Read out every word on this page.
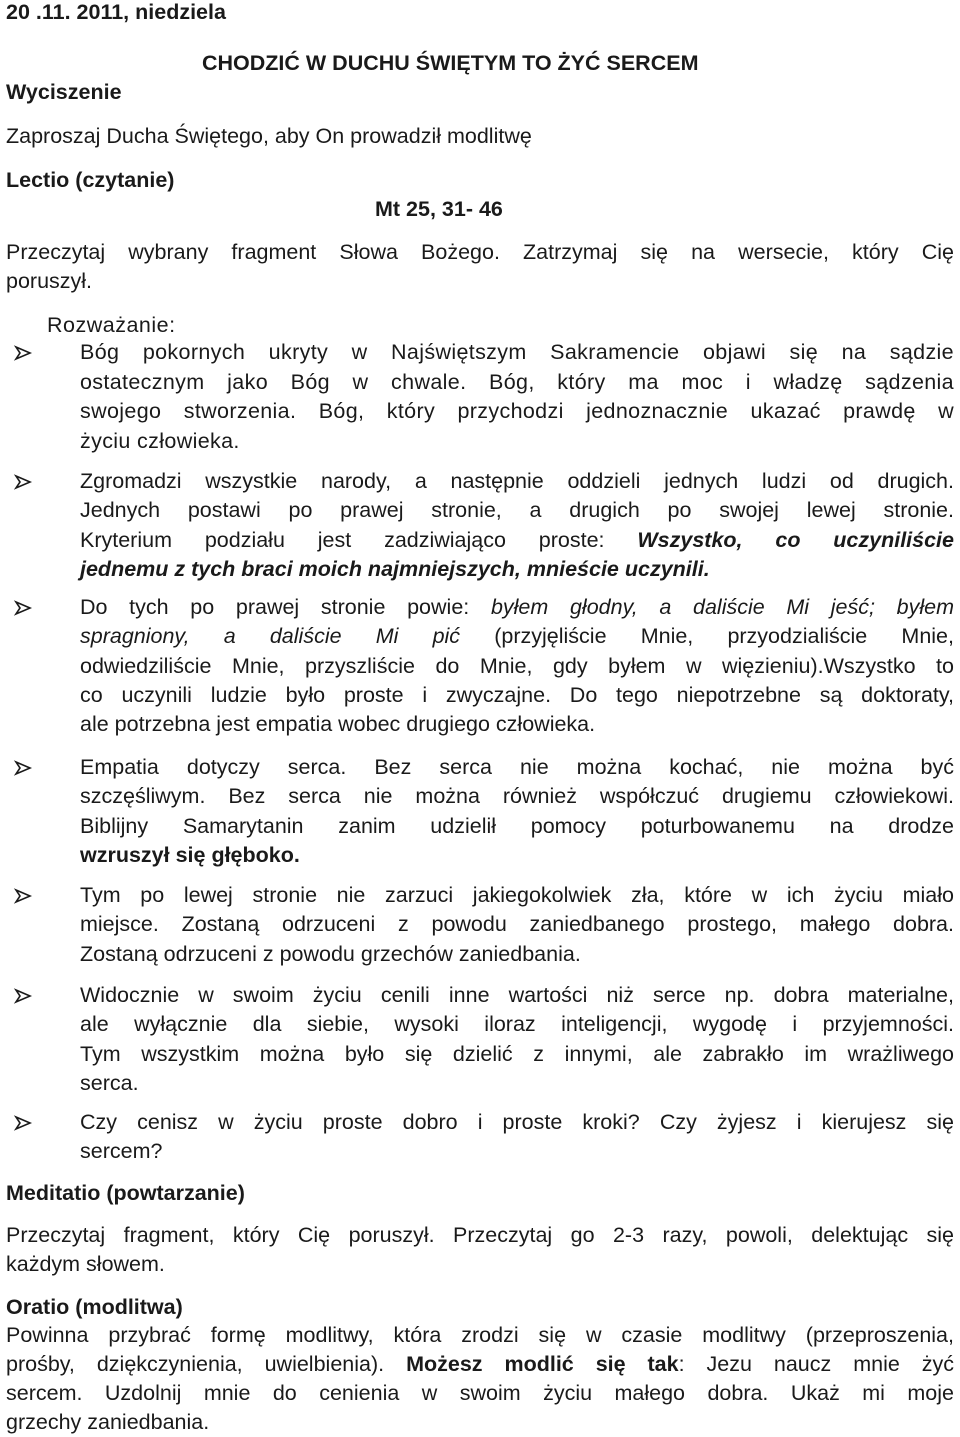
20 .11. 2011, niedziela
CHODZIĆ W DUCHU ŚWIĘTYM TO ŻYĆ SERCEM
Wyciszenie
Zaproszaj Ducha Świętego, aby On prowadził modlitwę
Lectio (czytanie)
Mt 25, 31- 46
Przeczytaj wybrany fragment Słowa Bożego. Zatrzymaj się na wersecie, który Cię
poruszył.
Rozważanie:
Bóg pokornych ukryty w Najświętszym Sakramencie objawi się na sądzie
ostatecznym jako Bóg w chwale. Bóg, który ma moc i władzę sądzenia
swojego stworzenia. Bóg, który przychodzi jednoznacznie ukazać prawdę w
życiu człowieka.
Zgromadzi wszystkie narody, a następnie oddzieli jednych ludzi od drugich.
Jednych postawi po prawej stronie, a drugich po swojej lewej stronie.
Kryterium podziału jest zadziwiająco proste: Wszystko, co uczyniliście
jednemu z tych braci moich najmniejszych, mnieście uczynili.
Do tych po prawej stronie powie: byłem głodny, a daliście Mi jeść; byłem
spragniony, a daliście Mi pić (przyjęliście Mnie, przyodzialiście Mnie,
odwiedziliście Mnie, przyszliście do Mnie, gdy byłem w więzieniu).Wszystko to
co uczynili ludzie było proste i zwyczajne. Do tego niepotrzebne są doktoraty,
ale potrzebna jest empatia wobec drugiego człowieka.
Empatia dotyczy serca. Bez serca nie można kochać, nie można być
szczęśliwym. Bez serca nie można również współczuć drugiemu człowiekowi.
Biblijny Samarytanin zanim udzielił pomocy poturbowanemu na drodze
wzruszył się głęboko.
Tym po lewej stronie nie zarzuci jakiegokolwiek zła, które w ich życiu miało
miejsce. Zostaną odrzuceni z powodu zaniedbanego prostego, małego dobra.
Zostaną odrzuceni z powodu grzechów zaniedbania.
Widocznie w swoim życiu cenili inne wartości niż serce np. dobra materialne,
ale wyłącznie dla siebie, wysoki iloraz inteligencji, wygodę i przyjemności.
Tym wszystkim można było się dzielić z innymi, ale zabrakło im wrażliwego
serca.
Czy cenisz w życiu proste dobro i proste kroki? Czy żyjesz i kierujesz się
sercem?
Meditatio (powtarzanie)
Przeczytaj fragment, który Cię poruszył. Przeczytaj go 2-3 razy, powoli, delektując się
każdym słowem.
Oratio (modlitwa)
Powinna przybrać formę modlitwy, która zrodzi się w czasie modlitwy (przeproszenia,
prośby, dziękczynienia, uwielbienia). Możesz modlić się tak: Jezu naucz mnie żyć
sercem. Uzdolnij mnie do cenienia w swoim życiu małego dobra. Ukaż mi moje
grzechy zaniedbania.
